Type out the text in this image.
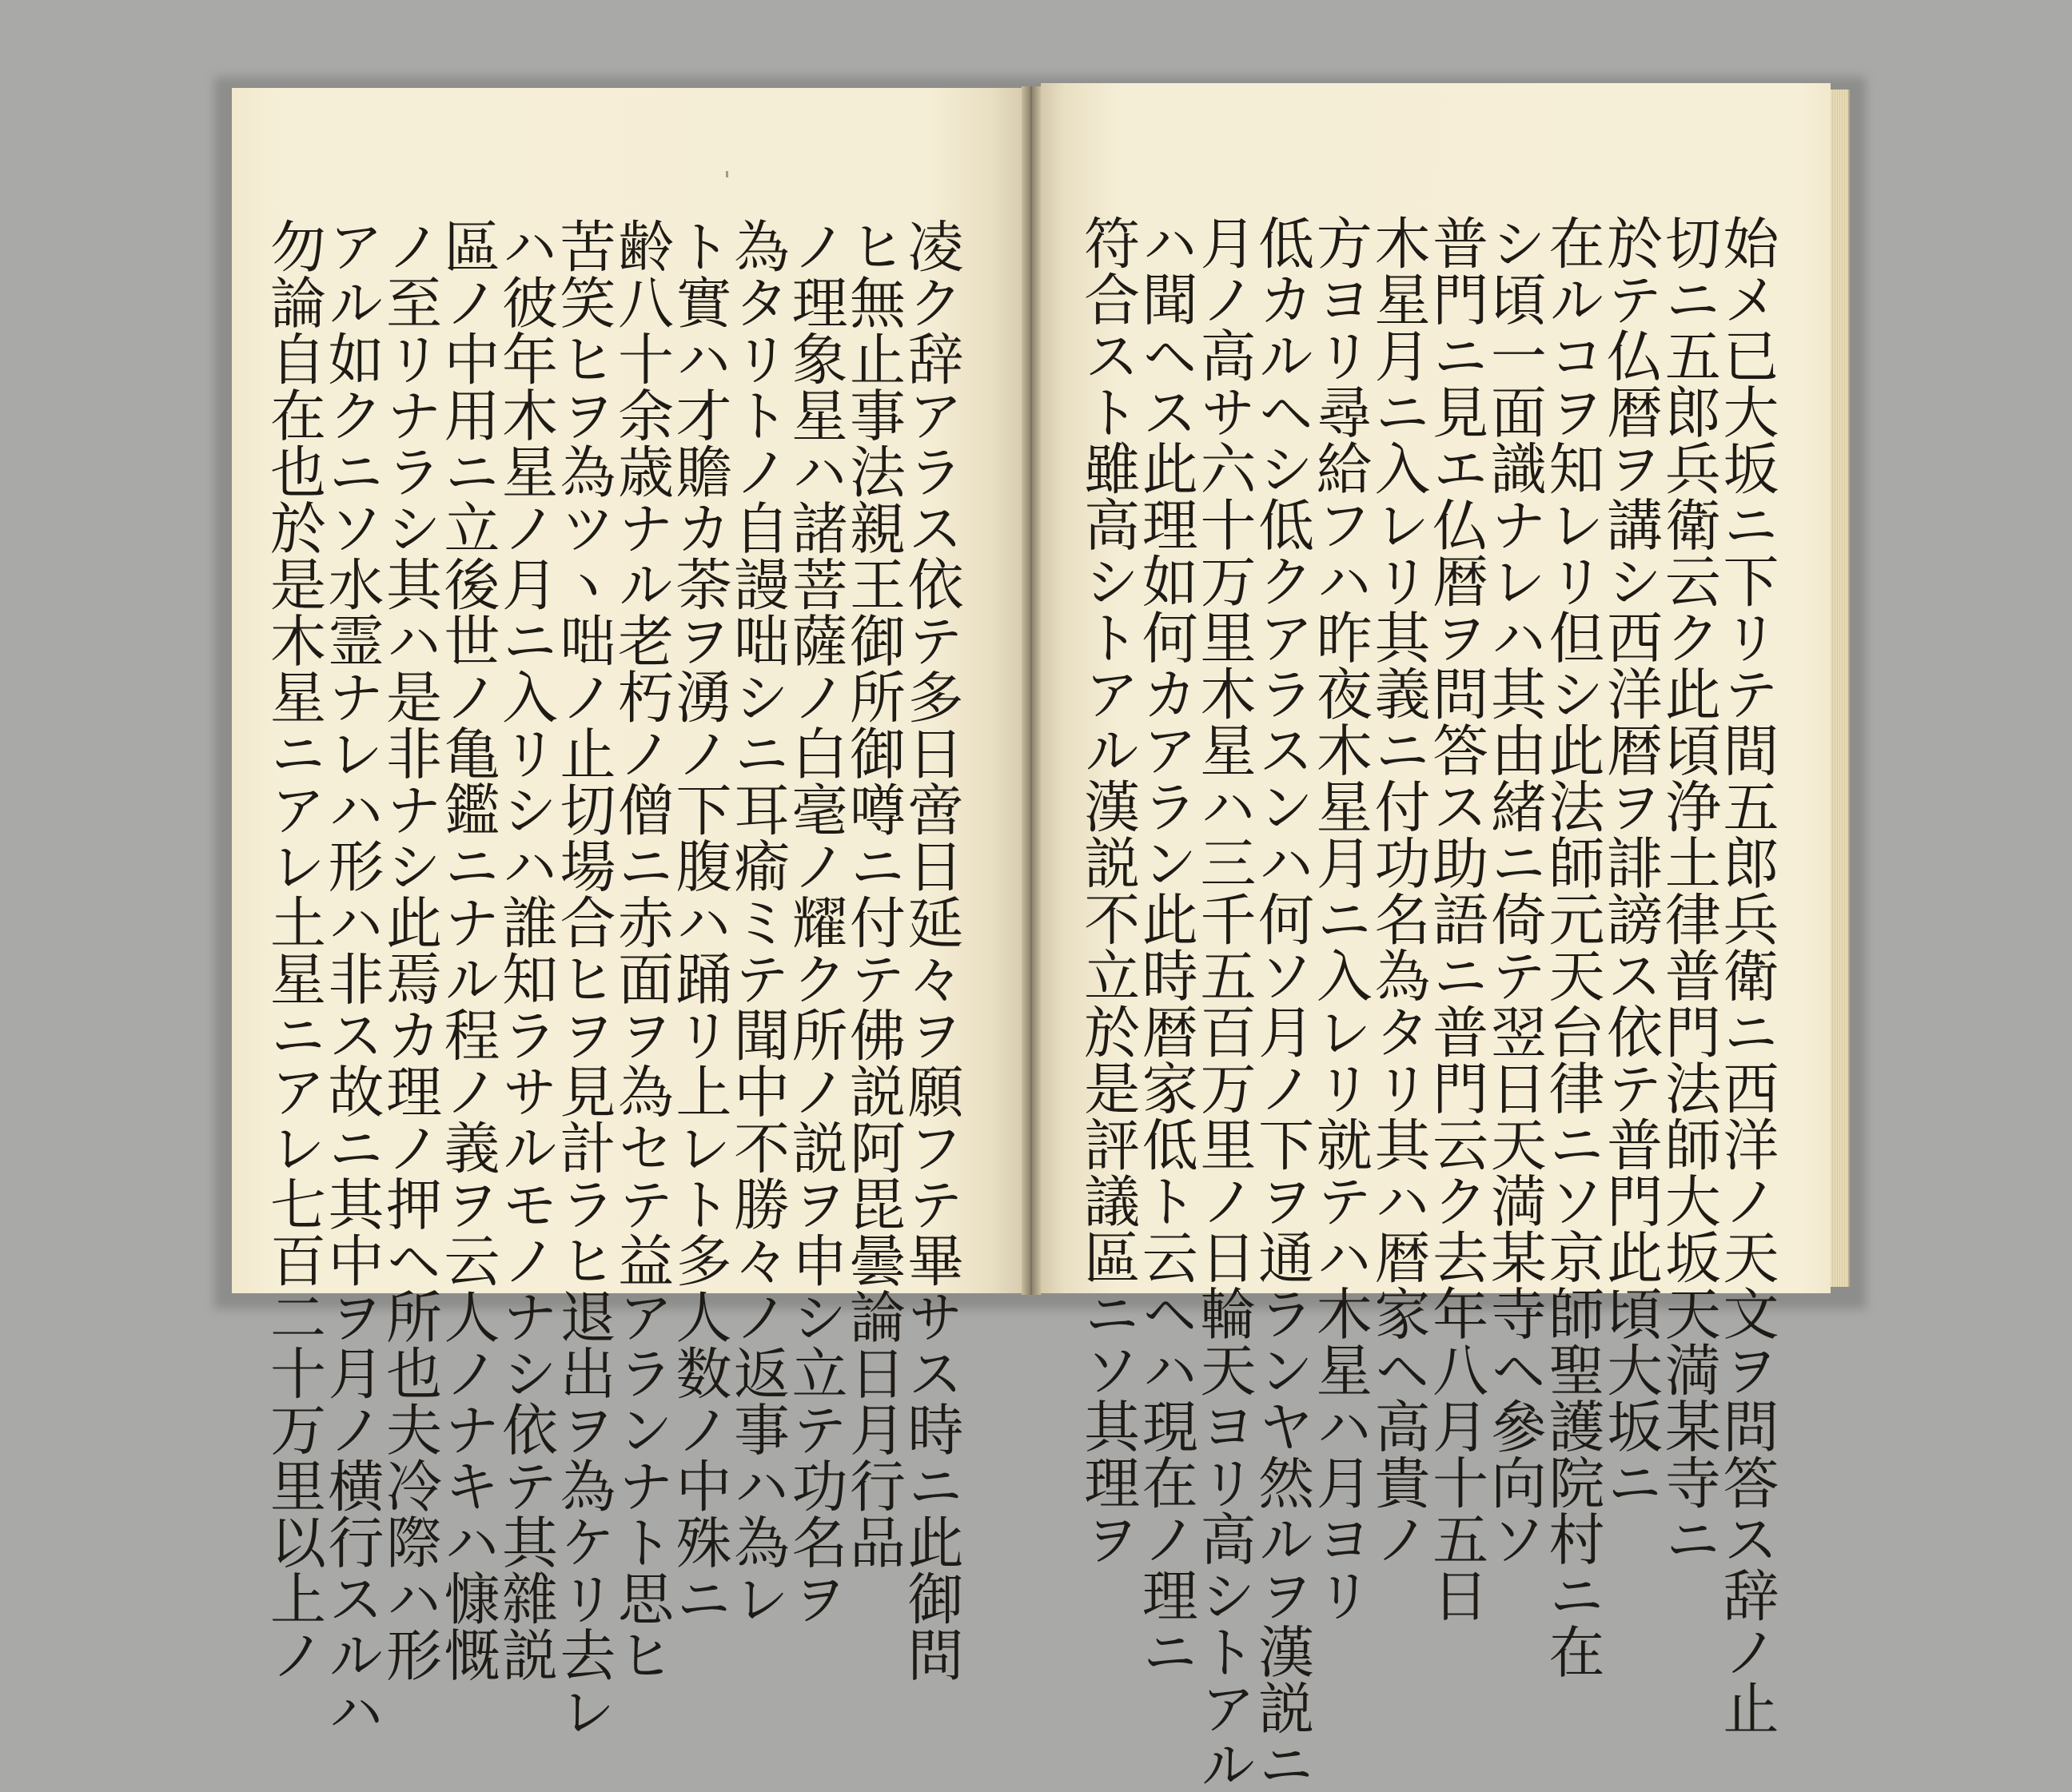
凌ク辞アラス依テ多日啻日延々ヲ願フテ畢サス時ニ此御問
ヒ無止事法親王御所御噂ニ付テ佛説阿毘曇論日月行品
ノ理象星ハ諸菩薩ノ白毫ノ耀ク所ノ説ヲ申シ立テ功名ヲ
為タリトノ自謾咄シニ耳瘉ミテ聞中不勝々ノ返事ハ為レ
ト實ハ才贍カ荼ヲ湧ノ下腹ハ踊リ上レト多人数ノ中殊ニ
齢八十余歳ナル老朽ノ僧ニ赤面ヲ為セテ益アランナト思ヒ
苦笑ヒヲ為ツヽ咄ノ止切場合ヒヲ見計ラヒ退出ヲ為ケリ去レ
ハ彼年木星ノ月ニ入リシハ誰知ラサルモノナシ依テ其雜説
區ノ中用ニ立後世ノ亀鑑ニナル程ノ義ヲ云人ノナキハ慷慨
ノ至リナラシ其ハ是非ナシ此焉カ理ノ押ヘ所也夫冷際ハ形
アル如クニソ水霊ナレハ形ハ非ス故ニ其中ヲ月ノ横行スルハ
勿論自在也於是木星ニアレ土星ニアレ七百二十万里以上ノ	始メ已大坂ニ下リテ間五郎兵衛ニ西洋ノ天文ヲ問答ス辞ノ止
切ニ五郎兵衛云ク此頃浄土律普門法師大坂天満某寺ニ
於テ仏暦ヲ講シ西洋暦ヲ誹謗ス依テ普門此頃大坂ニ
在ルコヲ知レリ但シ此法師元天台律ニソ京師聖護院村ニ在
シ頃一面識ナレハ其由緒ニ倚テ翌日天満某寺ヘ參向ソ
普門ニ見エ仏暦ヲ問答ス助語ニ普門云ク去年八月十五日
木星月ニ入レリ其義ニ付功名為タリ其ハ暦家ヘ高貴ノ
方ヨリ尋給フハ昨夜木星月ニ入レリ就テハ木星ハ月ヨリ
低カルヘシ低クアラスンハ何ソ月ノ下ヲ通ランヤ然ルヲ漢説ニ
月ノ高サ六十万里木星ハ三千五百万里ノ日輪天ヨリ高シトアル
ハ聞ヘス此理如何カアラン此時暦家低ト云ヘハ現在ノ理ニ
符合スト雖高シトアル漢説不立於是評議區ニソ其理ヲ
